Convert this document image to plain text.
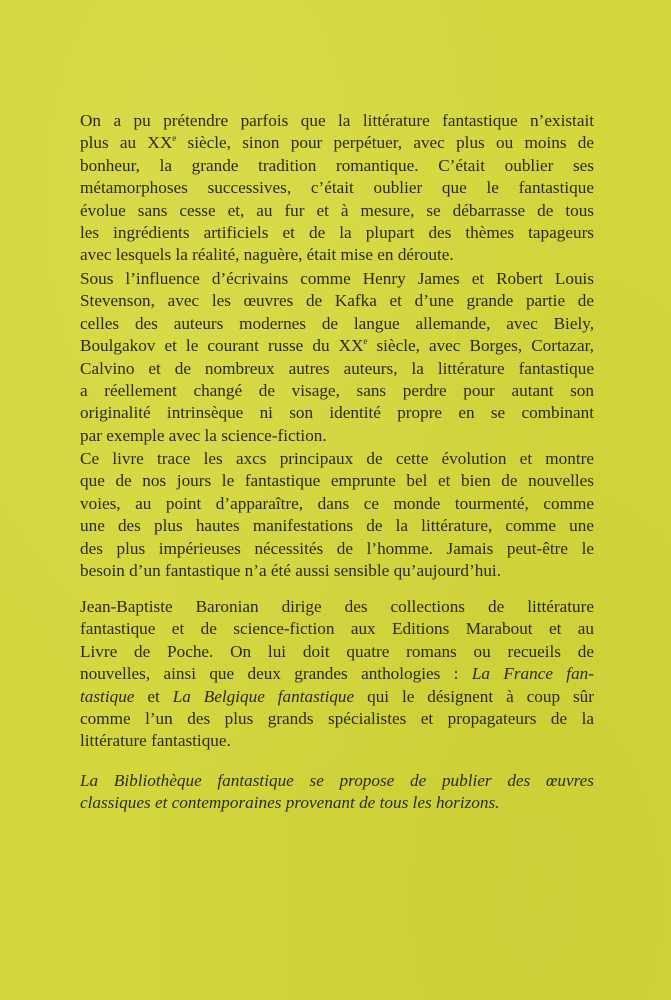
On a pu prétendre parfois que la littérature fantastique n’existait
plus au XXe siècle, sinon pour perpétuer, avec plus ou moins de
bonheur, la grande tradition romantique. C’était oublier ses
métamorphoses successives, c’était oublier que le fantastique
évolue sans cesse et, au fur et à mesure, se débarrasse de tous
les ingrédients artificiels et de la plupart des thèmes tapageurs
avec lesquels la réalité, naguère, était mise en déroute.
Sous l’influence d’écrivains comme Henry James et Robert Louis
Stevenson, avec les œuvres de Kafka et d’une grande partie de
celles des auteurs modernes de langue allemande, avec Biely,
Boulgakov et le courant russe du XXe siècle, avec Borges, Cortazar,
Calvino et de nombreux autres auteurs, la littérature fantastique
a réellement changé de visage, sans perdre pour autant son
originalité intrinsèque ni son identité propre en se combinant
par exemple avec la science-fiction.
Ce livre trace les axcs principaux de cette évolution et montre
que de nos jours le fantastique emprunte bel et bien de nouvelles
voies, au point d’apparaître, dans ce monde tourmenté, comme
une des plus hautes manifestations de la littérature, comme une
des plus impérieuses nécessités de l’homme. Jamais peut-être le
besoin d’un fantastique n’a été aussi sensible qu’aujourd’hui.
Jean-Baptiste Baronian dirige des collections de littérature
fantastique et de science-fiction aux Editions Marabout et au
Livre de Poche. On lui doit quatre romans ou recueils de
nouvelles, ainsi que deux grandes anthologies : La France fan-
tastique et La Belgique fantastique qui le désignent à coup sûr
comme l’un des plus grands spécialistes et propagateurs de la
littérature fantastique.
La Bibliothèque fantastique se propose de publier des œuvres
classiques et contemporaines provenant de tous les horizons.
